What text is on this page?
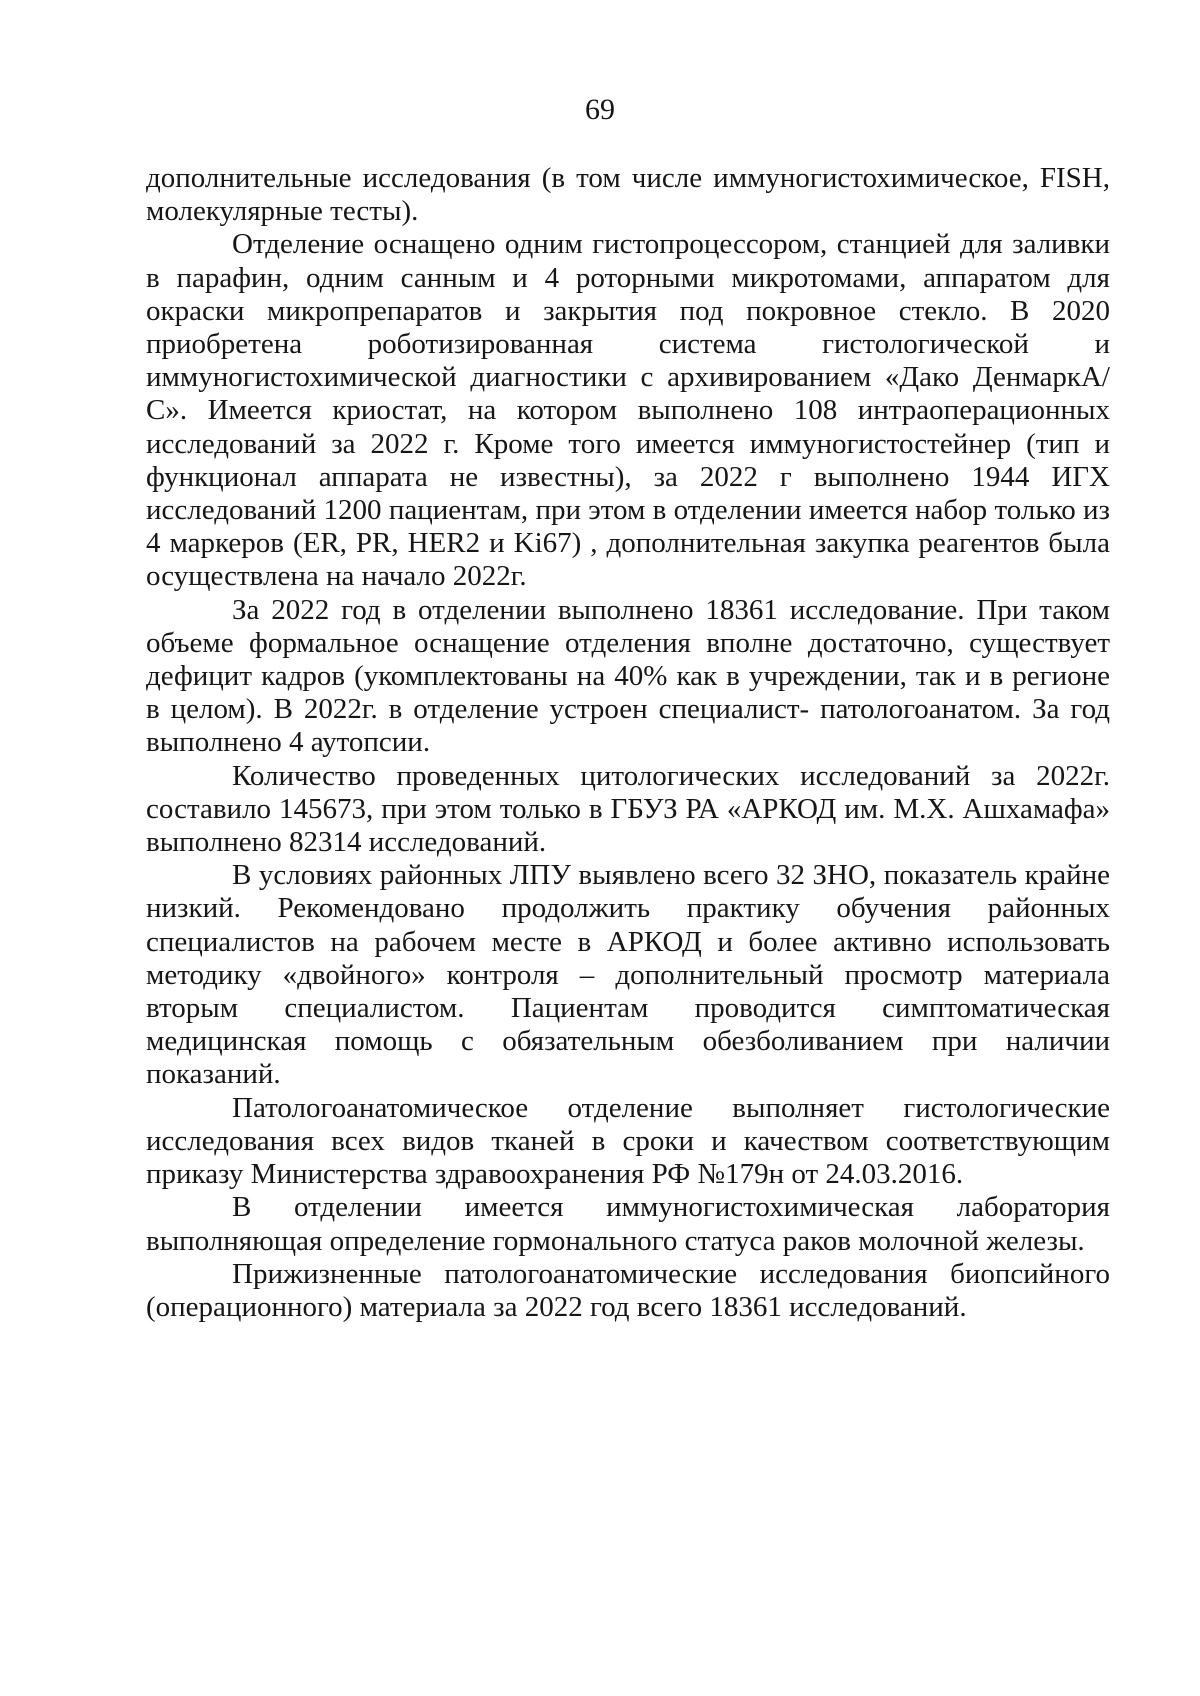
69

дополнительные исследования (в том числе иммуногистохимическое, FISH, молекулярные тесты).

Отделение оснащено одним гистопроцессором, станцией для заливки в парафин, одним санным и 4 роторными микротомами, аппаратом для окраски микропрепаратов и закрытия под покровное стекло. В 2020 приобретена роботизированная система гистологической и иммуногистохимической диагностики с архивированием «Дако ДенмаркА/С». Имеется криостат, на котором выполнено 108 интраоперационных исследований за 2022 г. Кроме того имеется иммуногистостейнер (тип и функционал аппарата не известны), за 2022 г выполнено 1944 ИГХ исследований 1200 пациентам, при этом в отделении имеется набор только из 4 маркеров (ER, PR, HER2 и Ki67) , дополнительная закупка реагентов была осуществлена на начало 2022г.

За 2022 год в отделении выполнено 18361 исследование. При таком объеме формальное оснащение отделения вполне достаточно, существует дефицит кадров (укомплектованы на 40% как в учреждении, так и в регионе в целом). В 2022г. в отделение устроен специалист- патологоанатом. За год выполнено 4 аутопсии.

Количество проведенных цитологических исследований за 2022г. составило 145673, при этом только в ГБУЗ РА «АРКОД им. М.Х. Ашхамафа» выполнено 82314 исследований.

В условиях районных ЛПУ выявлено всего 32 ЗНО, показатель крайне низкий. Рекомендовано продолжить практику обучения районных специалистов на рабочем месте в АРКОД и более активно использовать методику «двойного» контроля – дополнительный просмотр материала вторым специалистом. Пациентам проводится симптоматическая медицинская помощь с обязательным обезболиванием при наличии показаний.

Патологоанатомическое отделение выполняет гистологические исследования всех видов тканей в сроки и качеством соответствующим приказу Министерства здравоохранения РФ №179н от 24.03.2016.

В отделении имеется иммуногистохимическая лаборатория выполняющая определение гормонального статуса раков молочной железы.

Прижизненные патологоанатомические исследования биопсийного (операционного) материала за 2022 год всего 18361 исследований.
